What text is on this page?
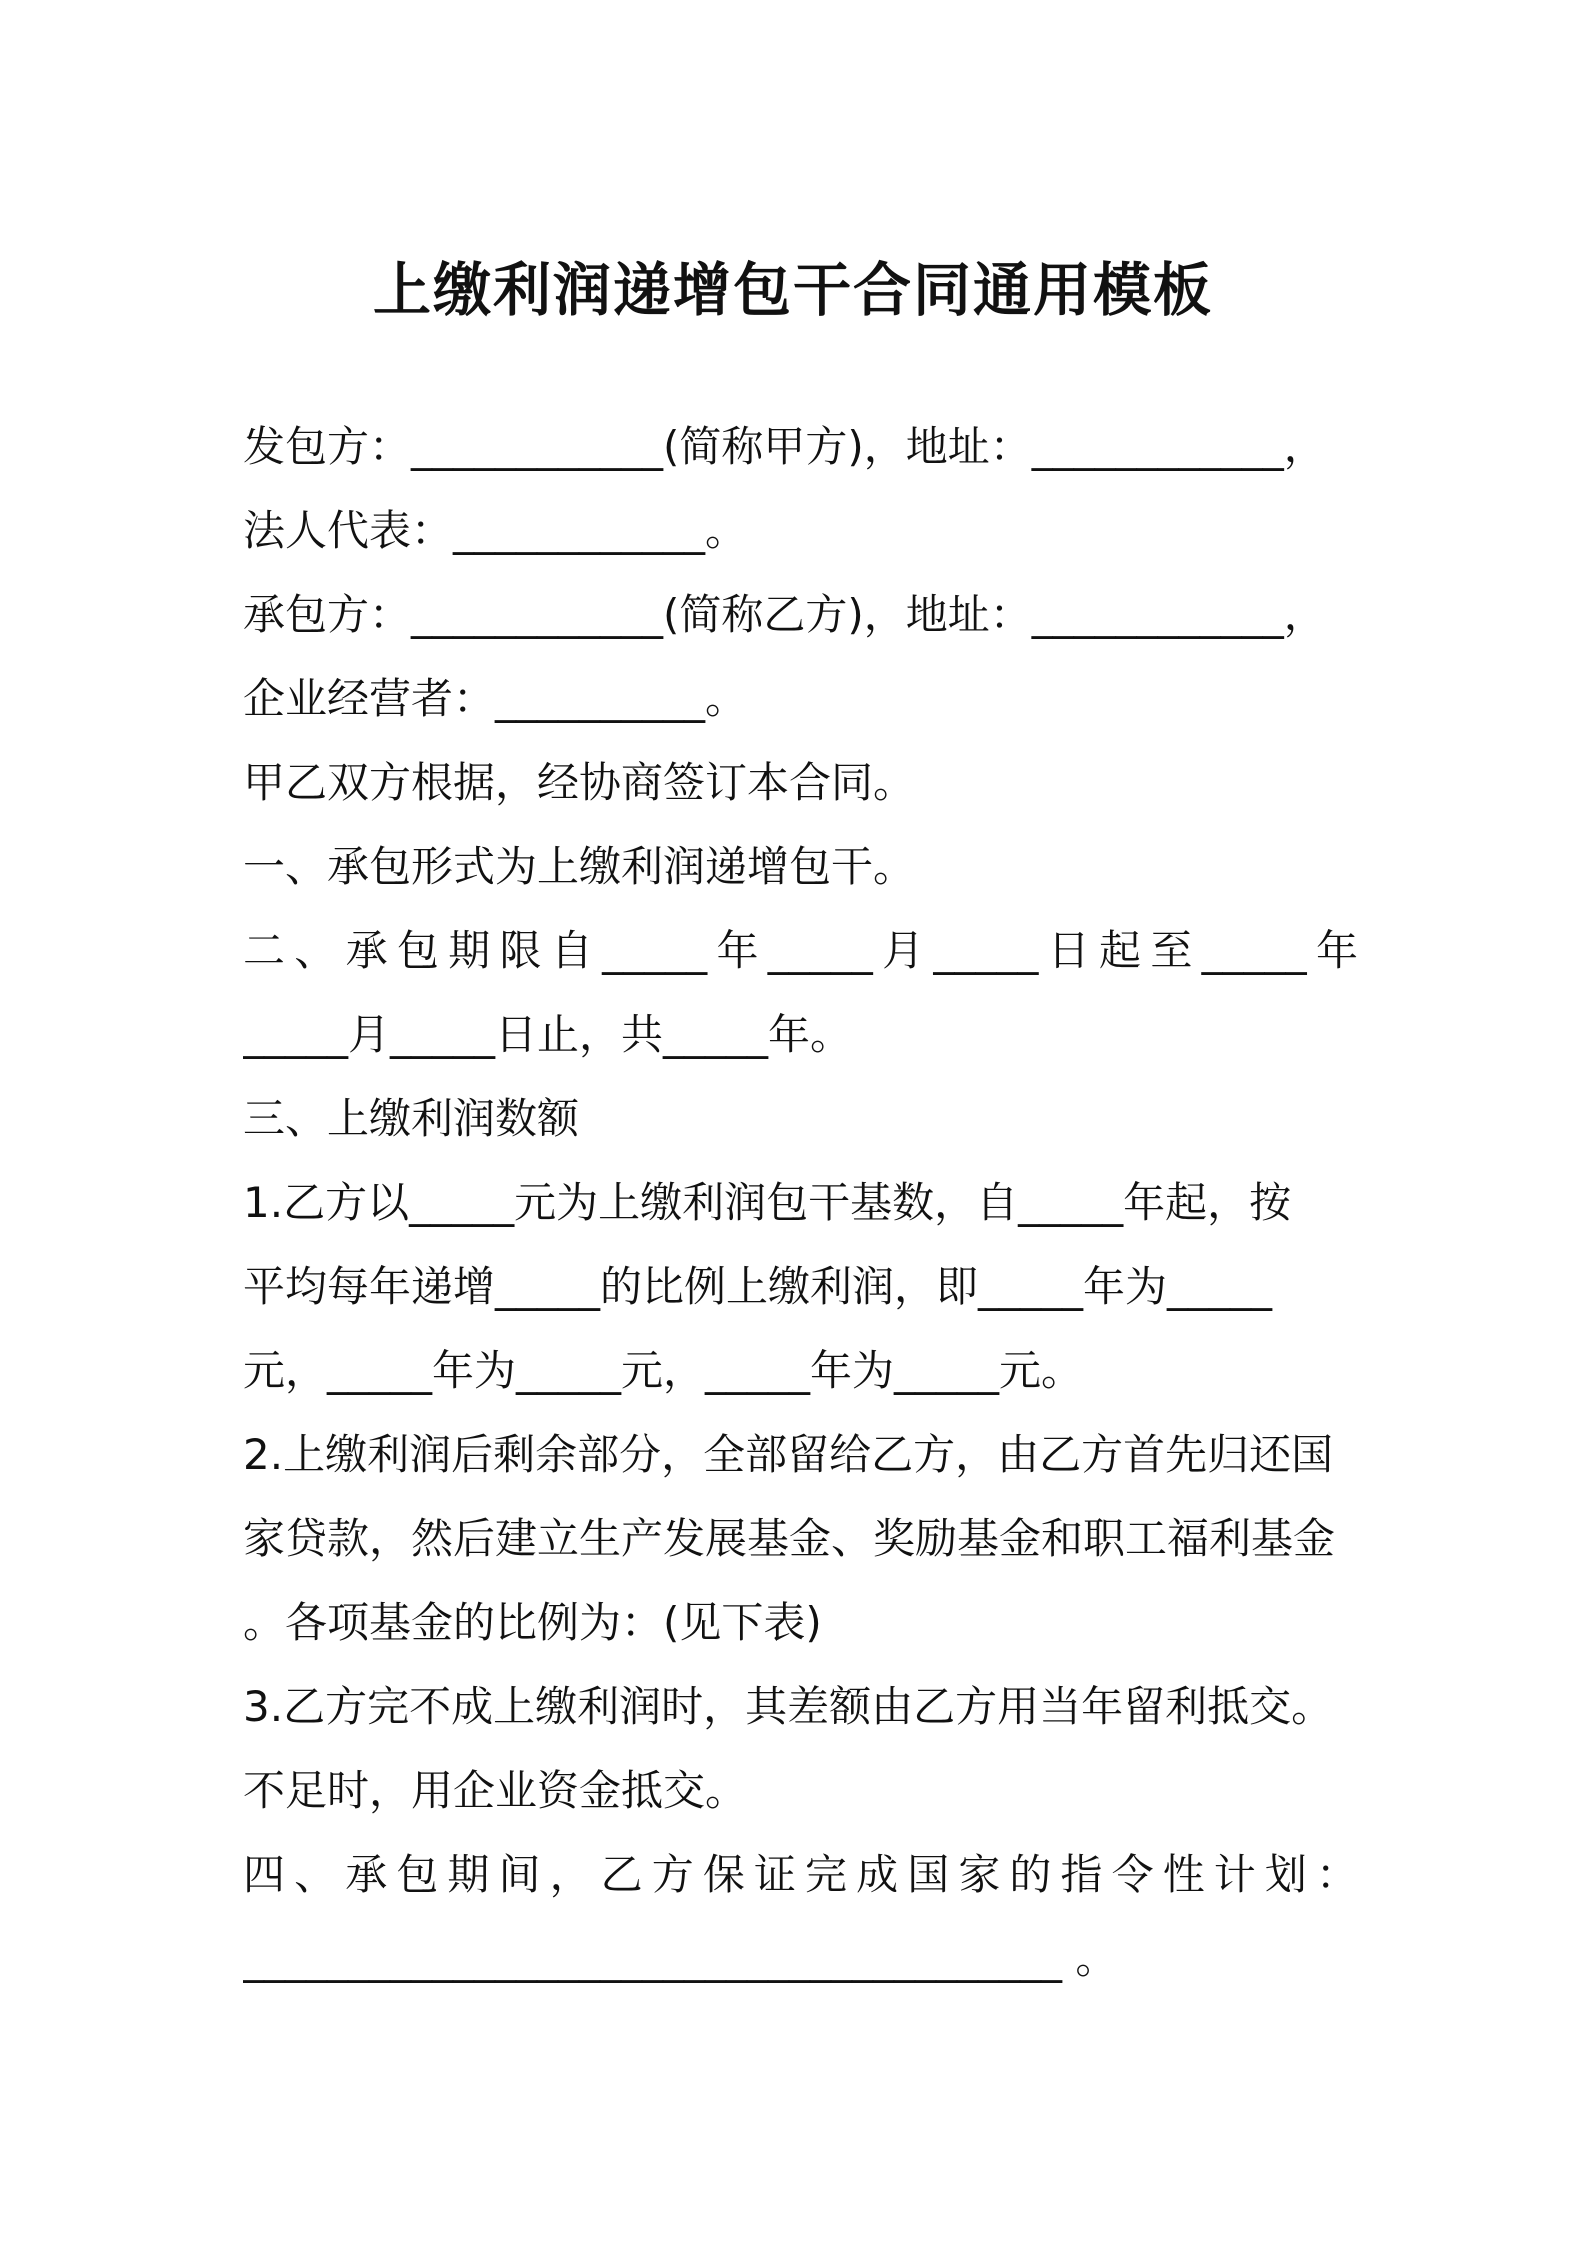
上缴利润递增包干合同通用模板
发包方：____________(简称甲方)，地址：____________，
法人代表：____________。
承包方：____________(简称乙方)，地址：____________，
企业经营者：__________。
甲乙双方根据，经协商签订本合同。
一、承包形式为上缴利润递增包干。
二、承包期限自_____年_____月_____日起至_____年
_____月_____日止，共_____年。
三、上缴利润数额
1.乙方以_____元为上缴利润包干基数，自_____年起，按
平均每年递增_____的比例上缴利润，即_____年为_____
元，_____年为_____元，_____年为_____元。
2.上缴利润后剩余部分，全部留给乙方，由乙方首先归还国
家贷款，然后建立生产发展基金、奖励基金和职工福利基金
。各项基金的比例为：(见下表)
3.乙方完不成上缴利润时，其差额由乙方用当年留利抵交。
不足时，用企业资金抵交。
四、承包期间，乙方保证完成国家的指令性计划：
_______________________________________ 。
